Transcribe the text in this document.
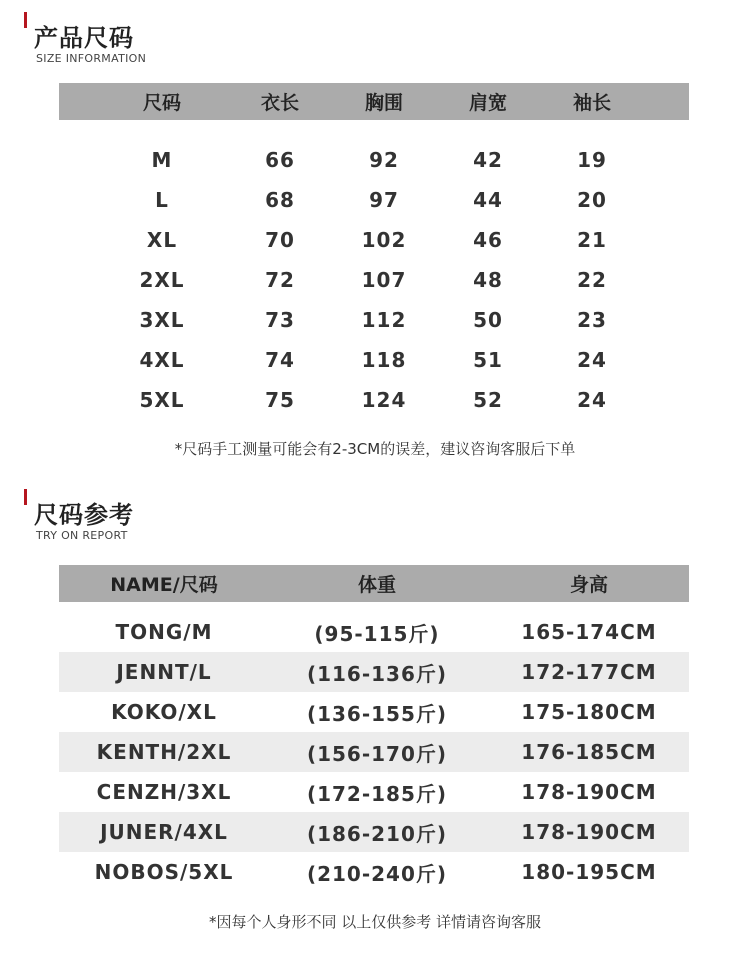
产品尺码
SIZE INFORMATION
尺码	衣长	胸围	肩宽	袖长
M	66	92	42	19
L	68	97	44	20
XL	70	102	46	21
2XL	72	107	48	22
3XL	73	112	50	23
4XL	74	118	51	24
5XL	75	124	52	24
*尺码手工测量可能会有2-3CM的误差，建议咨询客服后下单
尺码参考
TRY ON REPORT
NAME/尺码	体重	身高
TONG/M	(95-115斤)	165-174CM
JENNT/L	(116-136斤)	172-177CM
KOKO/XL	(136-155斤)	175-180CM
KENTH/2XL	(156-170斤)	176-185CM
CENZH/3XL	(172-185斤)	178-190CM
JUNER/4XL	(186-210斤)	178-190CM
NOBOS/5XL	(210-240斤)	180-195CM
*因每个人身形不同 以上仅供参考 详情请咨询客服
